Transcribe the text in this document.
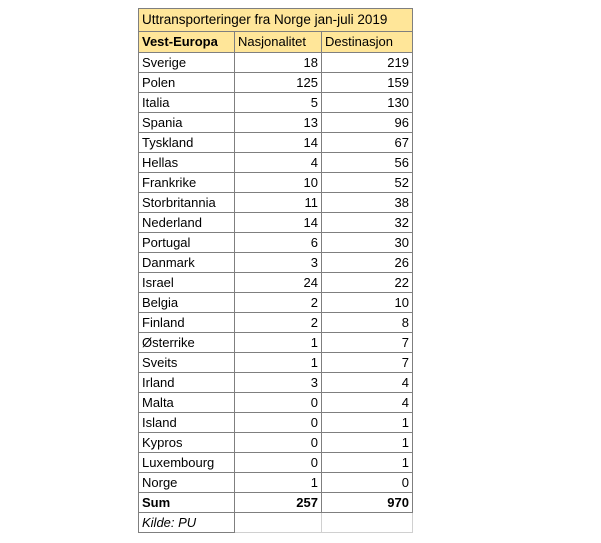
Uttransporteringer fra Norge jan-juli 2019		
Vest-Europa	Nasjonalitet	Destinasjon
Sverige	18	219
Polen	125	159
Italia	5	130
Spania	13	96
Tyskland	14	67
Hellas	4	56
Frankrike	10	52
Storbritannia	11	38
Nederland	14	32
Portugal	6	30
Danmark	3	26
Israel	24	22
Belgia	2	10
Finland	2	8
Østerrike	1	7
Sveits	1	7
Irland	3	4
Malta	0	4
Island	0	1
Kypros	0	1
Luxembourg	0	1
Norge	1	0
Sum	257	970
Kilde: PU		
